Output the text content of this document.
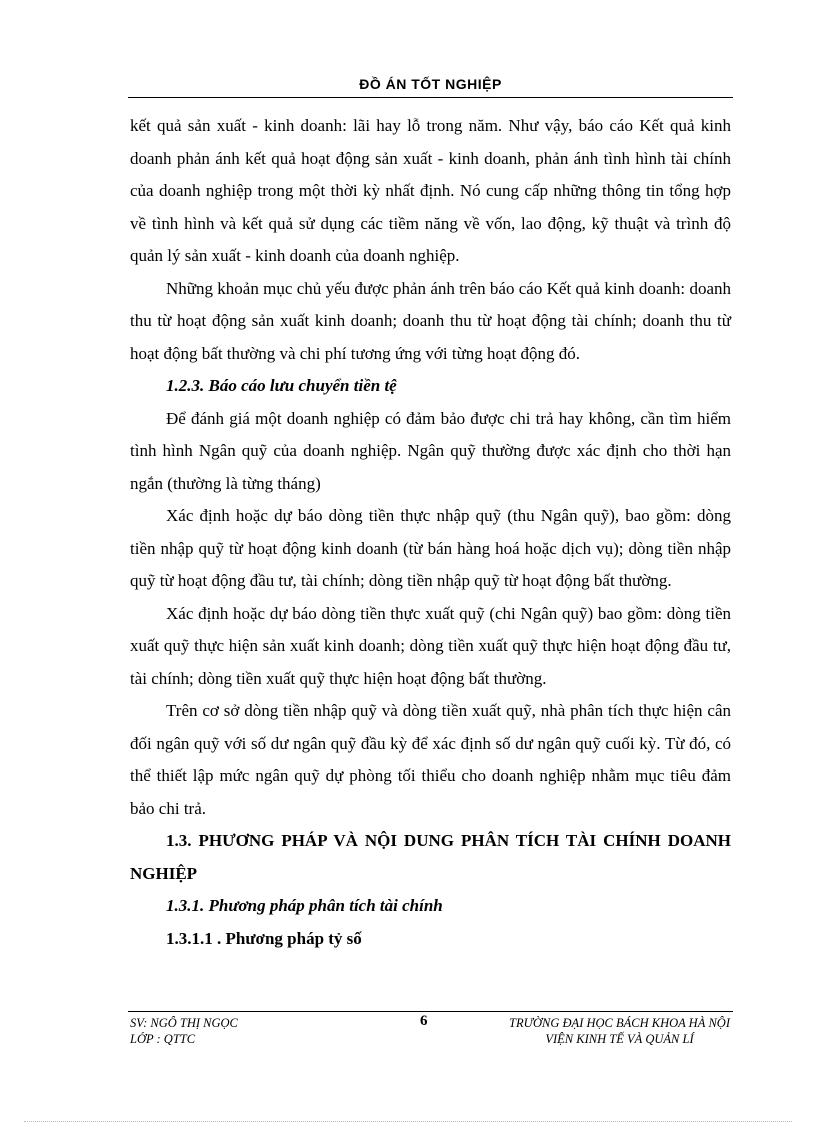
ĐỒ ÁN TỐT NGHIỆP

kết quả sản xuất - kinh doanh: lãi hay lỗ trong năm. Như vậy, báo cáo Kết quả kinh doanh phản ánh kết quả hoạt động sản xuất - kinh doanh, phản ánh tình hình tài chính của doanh nghiệp trong một thời kỳ nhất định. Nó cung cấp những thông tin tổng hợp về tình hình và kết quả sử dụng các tiềm năng về vốn, lao động, kỹ thuật và trình độ quản lý sản xuất - kinh doanh của doanh nghiệp.

Những khoản mục chủ yếu được phản ánh trên báo cáo Kết quả kinh doanh: doanh thu từ hoạt động sản xuất kinh doanh; doanh thu từ hoạt động tài chính; doanh thu từ hoạt động bất thường và chi phí tương ứng với từng hoạt động đó.

1.2.3. Báo cáo lưu chuyển tiền tệ

Để đánh giá một doanh nghiệp có đảm bảo được chi trả hay không, cần tìm hiểm tình hình Ngân quỹ của doanh nghiệp. Ngân quỹ thường được xác định cho thời hạn ngắn (thường là từng tháng)

Xác định hoặc dự báo dòng tiền thực nhập quỹ (thu Ngân quỹ), bao gồm: dòng tiền nhập quỹ từ hoạt động kinh doanh (từ bán hàng hoá hoặc dịch vụ); dòng tiền nhập quỹ từ hoạt động đầu tư, tài chính; dòng tiền nhập quỹ từ hoạt động bất thường.

Xác định hoặc dự báo dòng tiền thực xuất quỹ (chi Ngân quỹ) bao gồm: dòng tiền xuất quỹ thực hiện sản xuất kinh doanh; dòng tiền xuất quỹ thực hiện hoạt động đầu tư, tài chính; dòng tiền xuất quỹ thực hiện hoạt động bất thường.

Trên cơ sở dòng tiền nhập quỹ và dòng tiền xuất quỹ, nhà phân tích thực hiện cân đối ngân quỹ với số dư ngân quỹ đầu kỳ để xác định số dư ngân quỹ cuối kỳ. Từ đó, có thể thiết lập mức ngân quỹ dự phòng tối thiểu cho doanh nghiệp nhằm mục tiêu đảm bảo chi trả.

1.3. PHƯƠNG PHÁP VÀ NỘI DUNG PHÂN TÍCH TÀI CHÍNH DOANH NGHIỆP

1.3.1. Phương pháp phân tích tài chính

1.3.1.1 . Phương pháp tỷ số

SV: NGÔ THỊ NGỌC
LỚP : QTTC
6	TRƯỜNG ĐẠI HỌC BÁCH KHOA HÀ NỘI
VIỆN KINH TẾ VÀ QUẢN LÍ
